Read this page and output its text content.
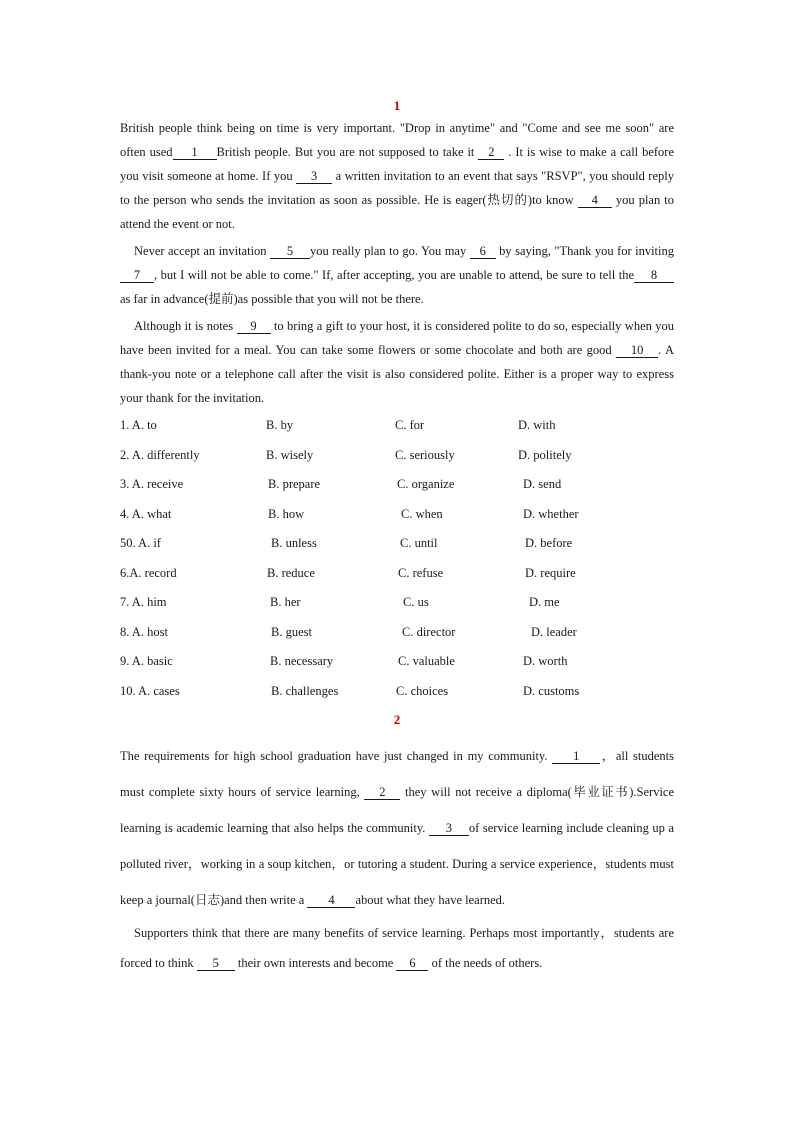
1

British people think being on time is very important. "Drop in anytime" and "Come and see me soon" are often used 1 British people. But you are not supposed to take it 2 . It is wise to make a call before you visit someone at home. If you 3 a written invitation to an event that says "RSVP", you should reply to the person who sends the invitation as soon as possible. He is eager(热切的)to know 4 you plan to attend the event or not.

Never accept an invitation 5 you really plan to go. You may 6 by saying, "Thank you for inviting 7 , but I will not be able to come." If, after accepting, you are unable to attend, be sure to tell the 8 as far in advance(提前)as possible that you will not be there.

Although it is notes 9 to bring a gift to your host, it is considered polite to do so, especially when you have been invited for a meal. You can take some flowers or some chocolate and both are good 10 . A thank-you note or a telephone call after the visit is also considered polite. Either is a proper way to express your thank for the invitation.

1. A. to	B. by	C. for	D. with
2. A. differently	B. wisely	C. seriously	D. politely
3. A. receive	B. prepare	C. organize	D. send
4. A. what	B. how	C. when	D. whether
50. A. if	B. unless	C. until	D. before
6.A. record	B. reduce	C. refuse	D. require
7. A. him	B. her	C. us	D. me
8. A. host	B. guest	C. director	D. leader
9. A. basic	B. necessary	C. valuable	D. worth
10. A. cases	B. challenges	C. choices	D. customs
2

The requirements for high school graduation have just changed in my community. 1 ，all students must complete sixty hours of service learning, 2 they will not receive a diploma(毕业证书).Service learning is academic learning that also helps the community. 3 of service learning include cleaning up a polluted river，working in a soup kitchen，or tutoring a student. During a service experience，students must keep a journal(日志)and then write a 4 about what they have learned.

Supporters think that there are many benefits of service learning. Perhaps most importantly，students are forced to think 5 their own interests and become 6 of the needs of others.
